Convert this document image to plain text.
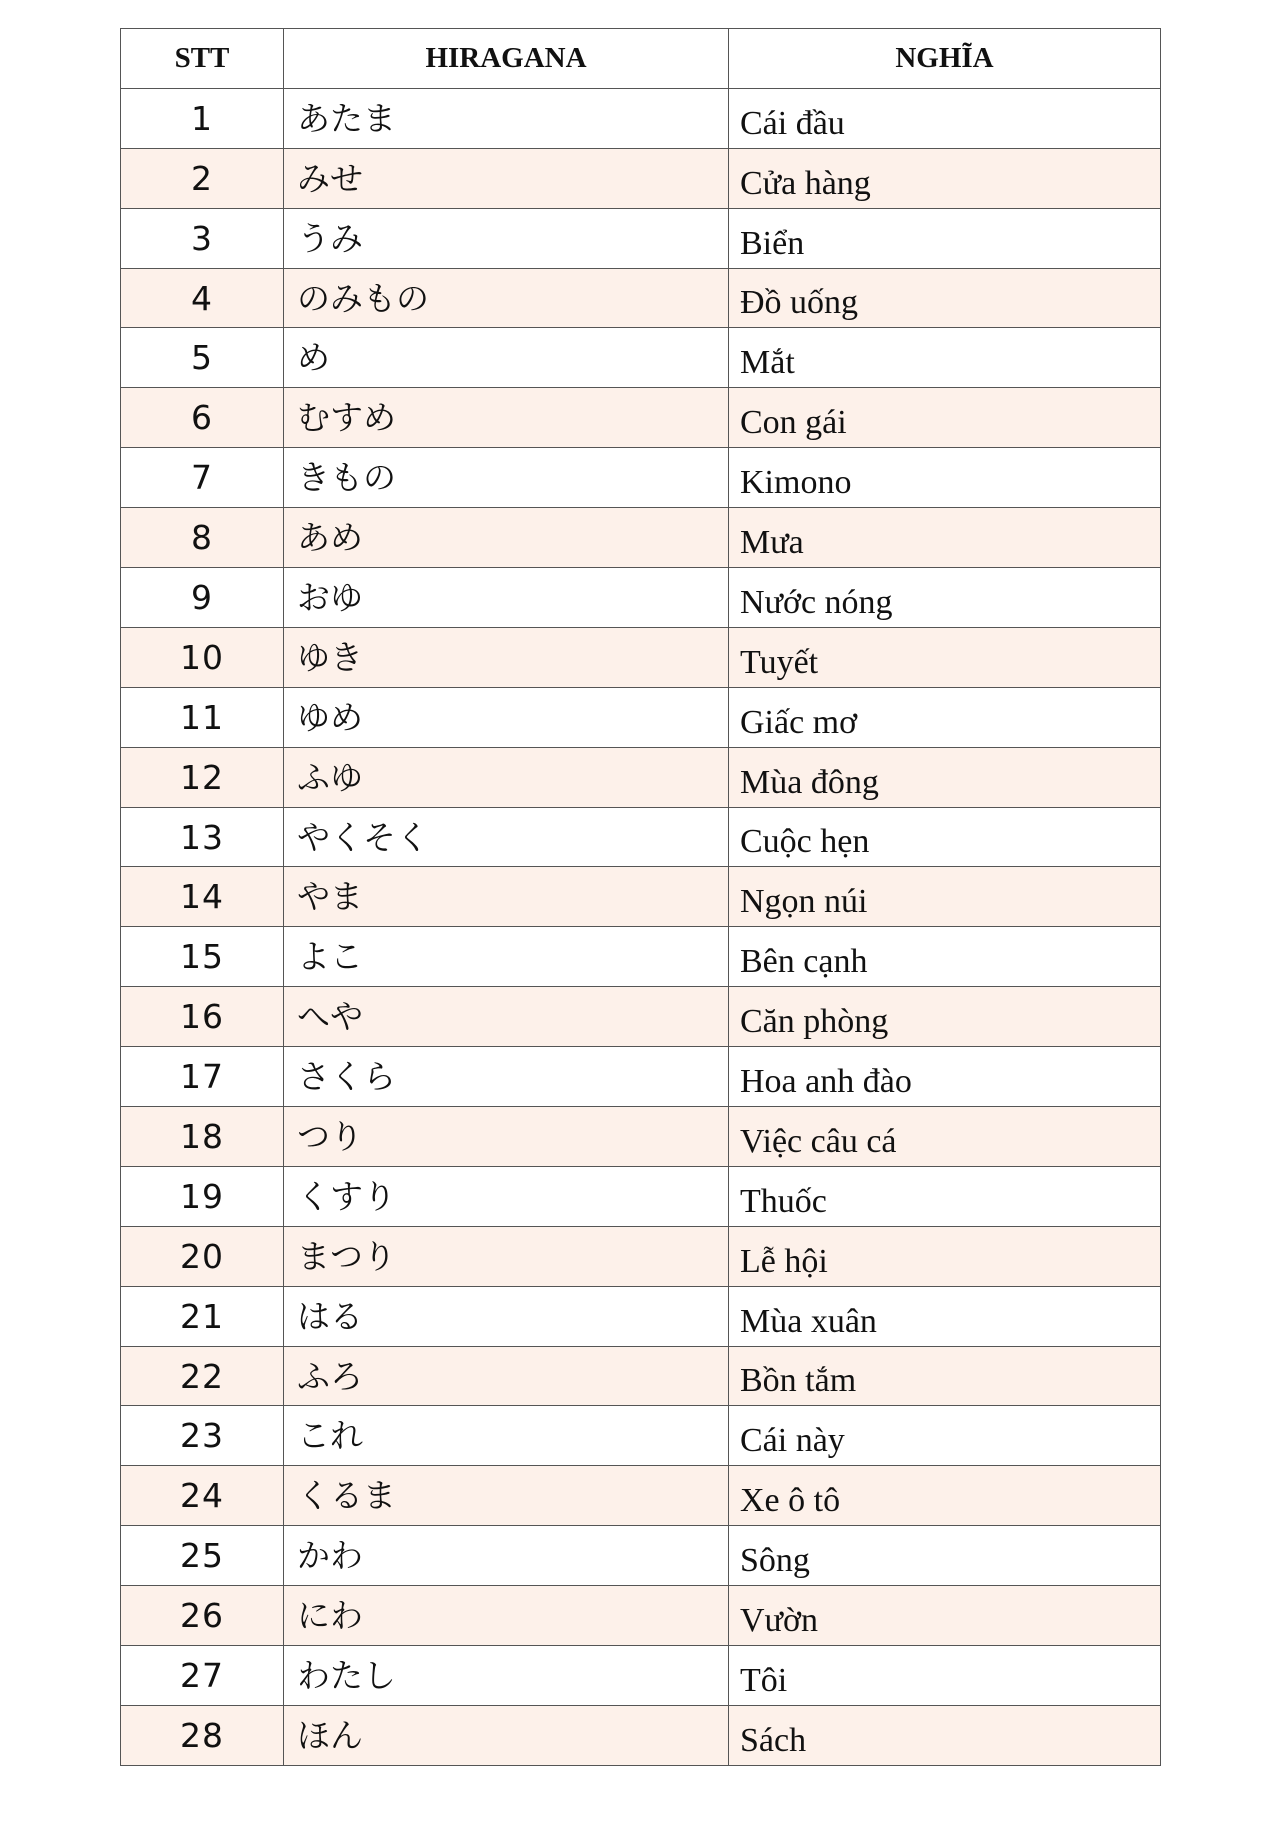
STT	HIRAGANA	NGHĨA
1	あたま	Cái đầu
2	みせ	Cửa hàng
3	うみ	Biển
4	のみもの	Đồ uống
5	め	Mắt
6	むすめ	Con gái
7	きもの	Kimono
8	あめ	Mưa
9	おゆ	Nước nóng
10	ゆき	Tuyết
11	ゆめ	Giấc mơ
12	ふゆ	Mùa đông
13	やくそく	Cuộc hẹn
14	やま	Ngọn núi
15	よこ	Bên cạnh
16	へや	Căn phòng
17	さくら	Hoa anh đào
18	つり	Việc câu cá
19	くすり	Thuốc
20	まつり	Lễ hội
21	はる	Mùa xuân
22	ふろ	Bồn tắm
23	これ	Cái này
24	くるま	Xe ô tô
25	かわ	Sông
26	にわ	Vườn
27	わたし	Tôi
28	ほん	Sách
